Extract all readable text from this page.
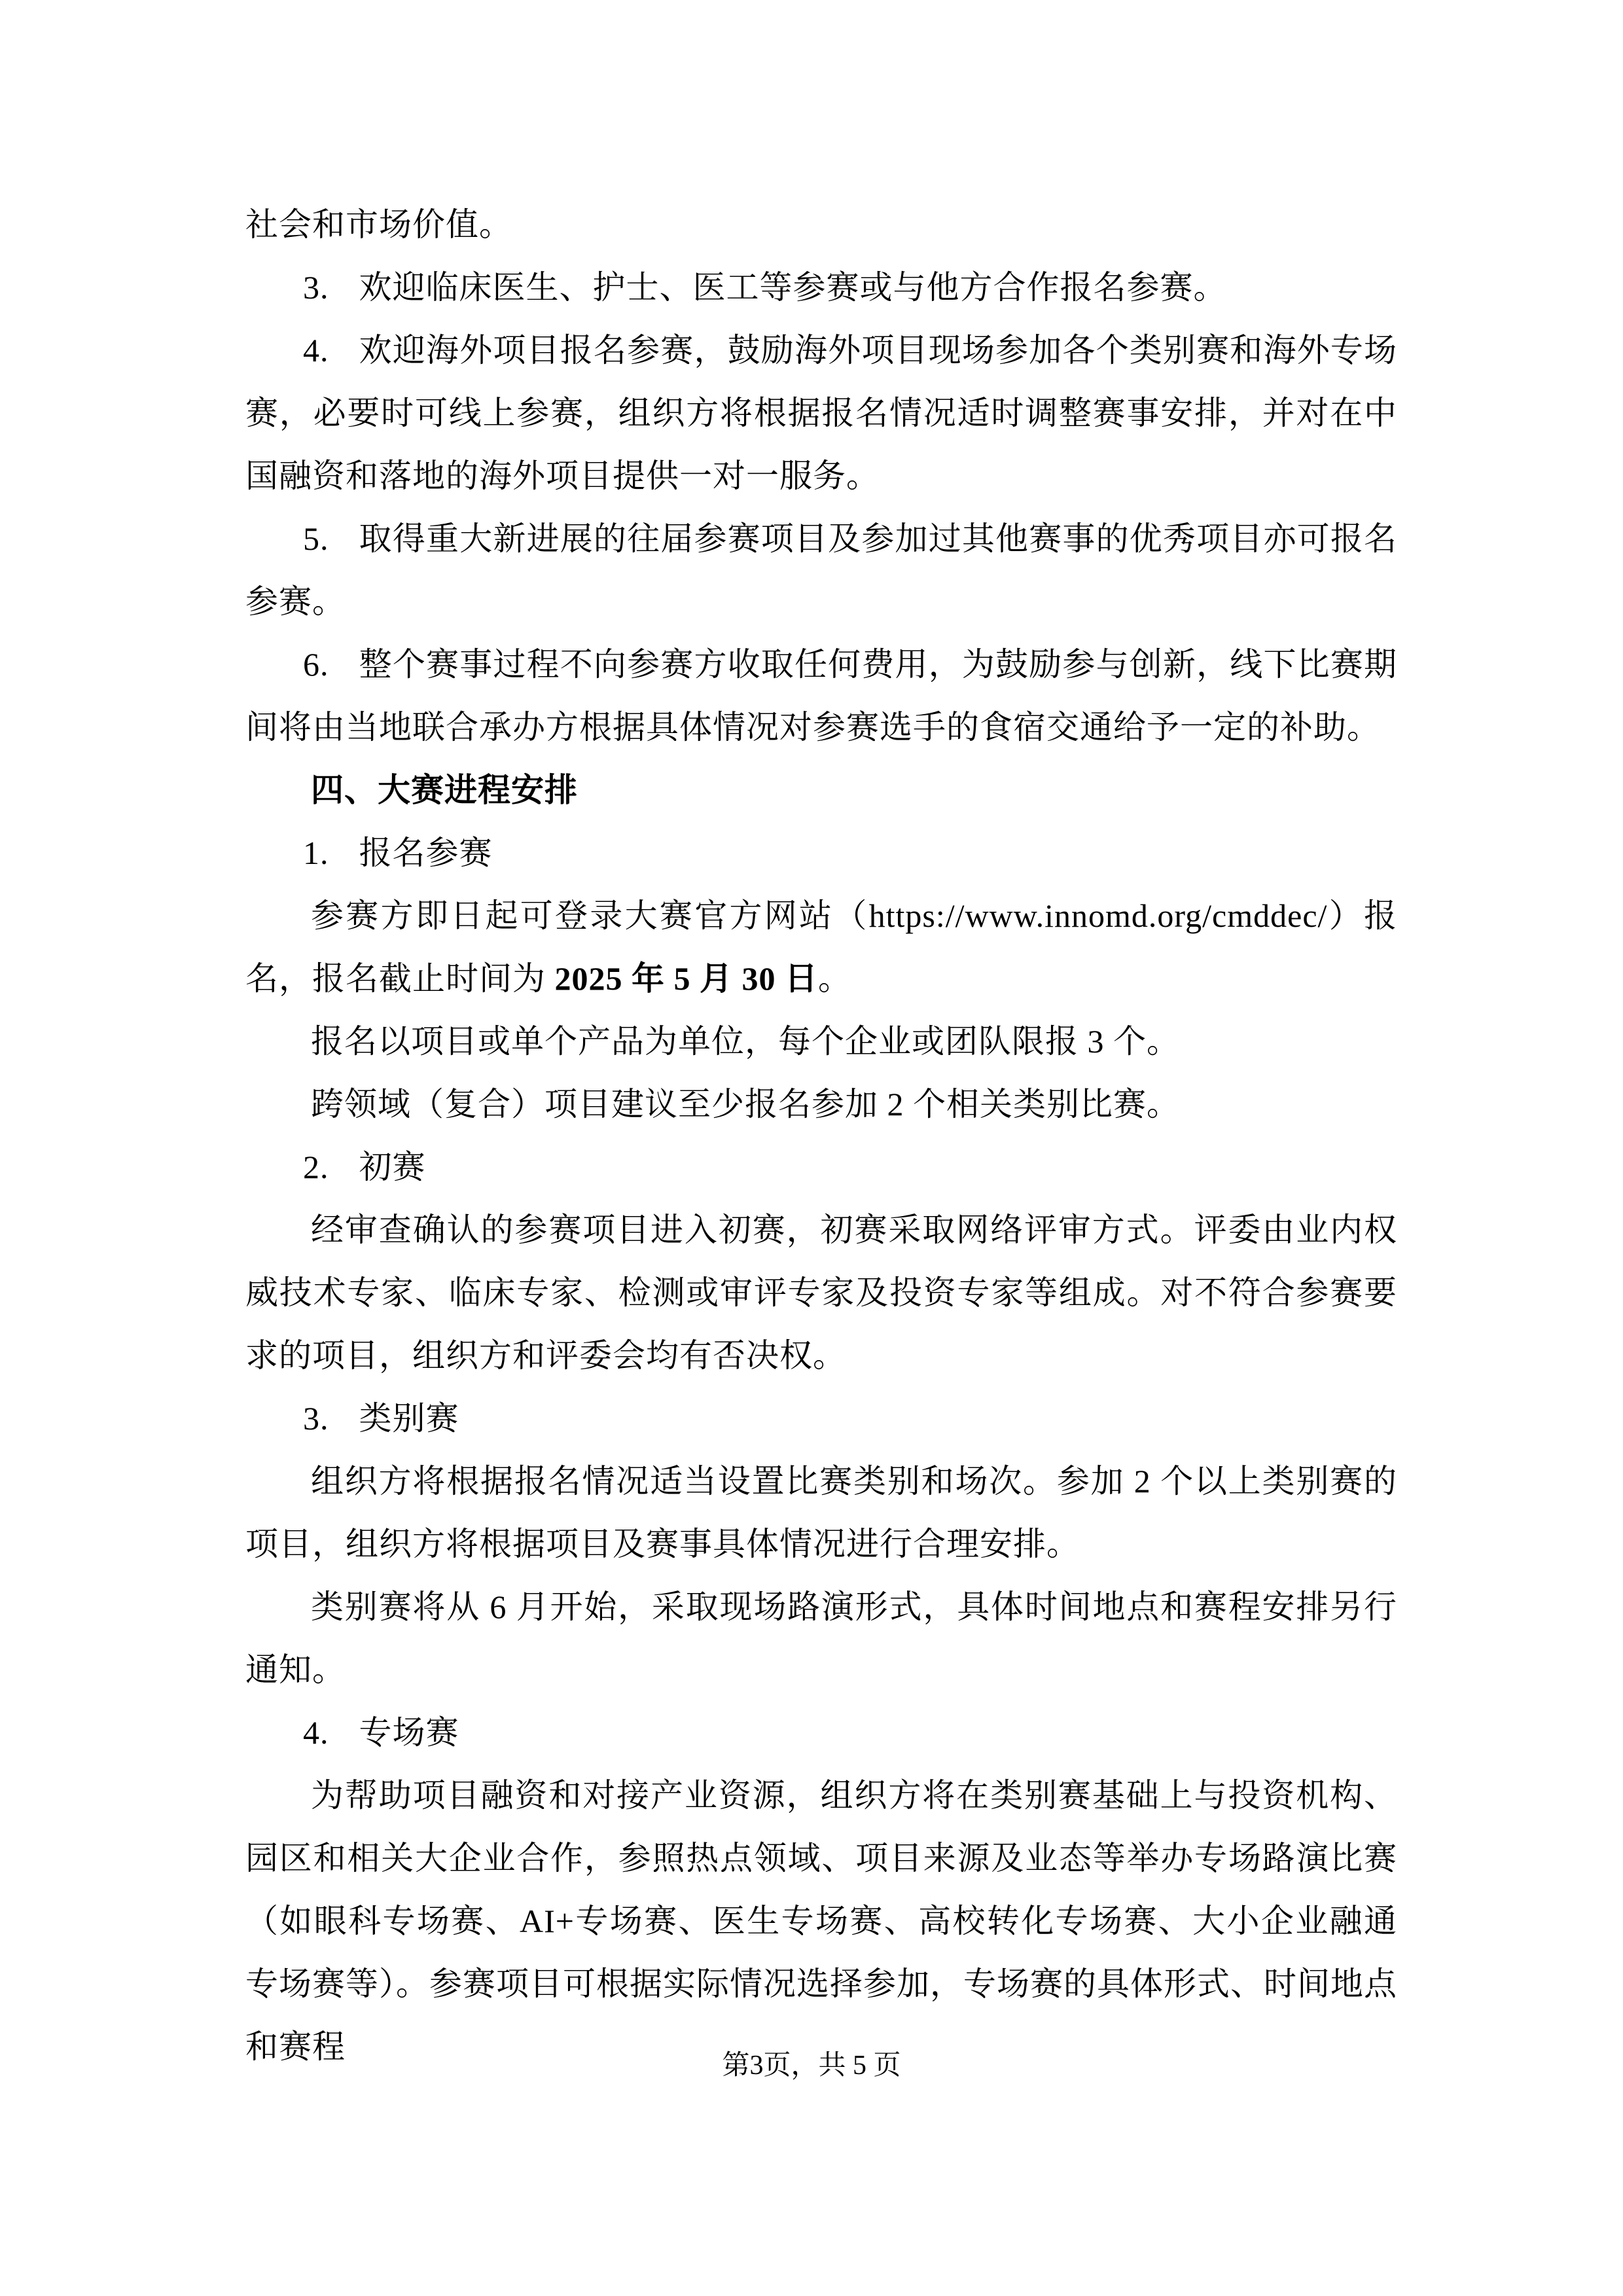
社会和市场价值。

3. 欢迎临床医生、护士、医工等参赛或与他方合作报名参赛。

4. 欢迎海外项目报名参赛，鼓励海外项目现场参加各个类别赛和海外专场赛，必要时可线上参赛，组织方将根据报名情况适时调整赛事安排，并对在中国融资和落地的海外项目提供一对一服务。

5. 取得重大新进展的往届参赛项目及参加过其他赛事的优秀项目亦可报名参赛。

6. 整个赛事过程不向参赛方收取任何费用，为鼓励参与创新，线下比赛期间将由当地联合承办方根据具体情况对参赛选手的食宿交通给予一定的补助。

四、大赛进程安排

1. 报名参赛

参赛方即日起可登录大赛官方网站（https://www.innomd.org/cmddec/）报名，报名截止时间为 2025 年 5 月 30 日。

报名以项目或单个产品为单位，每个企业或团队限报 3 个。

跨领域（复合）项目建议至少报名参加 2 个相关类别比赛。

2. 初赛

经审查确认的参赛项目进入初赛，初赛采取网络评审方式。评委由业内权威技术专家、临床专家、检测或审评专家及投资专家等组成。对不符合参赛要求的项目，组织方和评委会均有否决权。

3. 类别赛

组织方将根据报名情况适当设置比赛类别和场次。参加 2 个以上类别赛的项目，组织方将根据项目及赛事具体情况进行合理安排。

类别赛将从 6 月开始，采取现场路演形式，具体时间地点和赛程安排另行通知。

4. 专场赛

为帮助项目融资和对接产业资源，组织方将在类别赛基础上与投资机构、园区和相关大企业合作，参照热点领域、项目来源及业态等举办专场路演比赛（如眼科专场赛、AI+专场赛、医生专场赛、高校转化专场赛、大小企业融通专场赛等）。参赛项目可根据实际情况选择参加，专场赛的具体形式、时间地点和赛程

第3页，共 5 页
